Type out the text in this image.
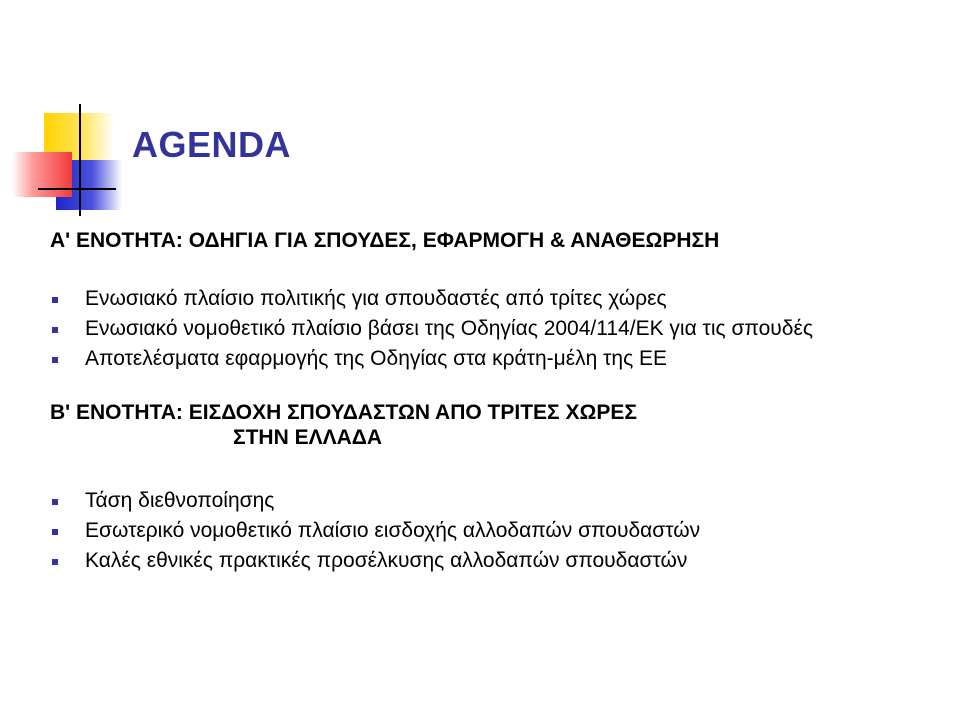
AGENDA

Α' ΕΝΟΤΗΤΑ: ΟΔΗΓΙΑ ΓΙΑ ΣΠΟΥΔΕΣ, ΕΦΑΡΜΟΓΗ & ΑΝΑΘΕΩΡΗΣΗ

Ενωσιακό πλαίσιο πολιτικής για σπουδαστές από τρίτες χώρες
Ενωσιακό νομοθετικό πλαίσιο βάσει της Οδηγίας 2004/114/ΕΚ για τις σπουδές
Αποτελέσματα εφαρμογής της Οδηγίας στα κράτη-μέλη της ΕΕ

Β' ΕΝΟΤΗΤΑ: ΕΙΣΔΟΧΗ ΣΠΟΥΔΑΣΤΩΝ ΑΠΟ ΤΡΙΤΕΣ ΧΩΡΕΣ
ΣΤΗΝ ΕΛΛΑΔΑ

Τάση διεθνοποίησης
Εσωτερικό νομοθετικό πλαίσιο εισδοχής αλλοδαπών σπουδαστών
Καλές εθνικές πρακτικές προσέλκυσης αλλοδαπών σπουδαστών
